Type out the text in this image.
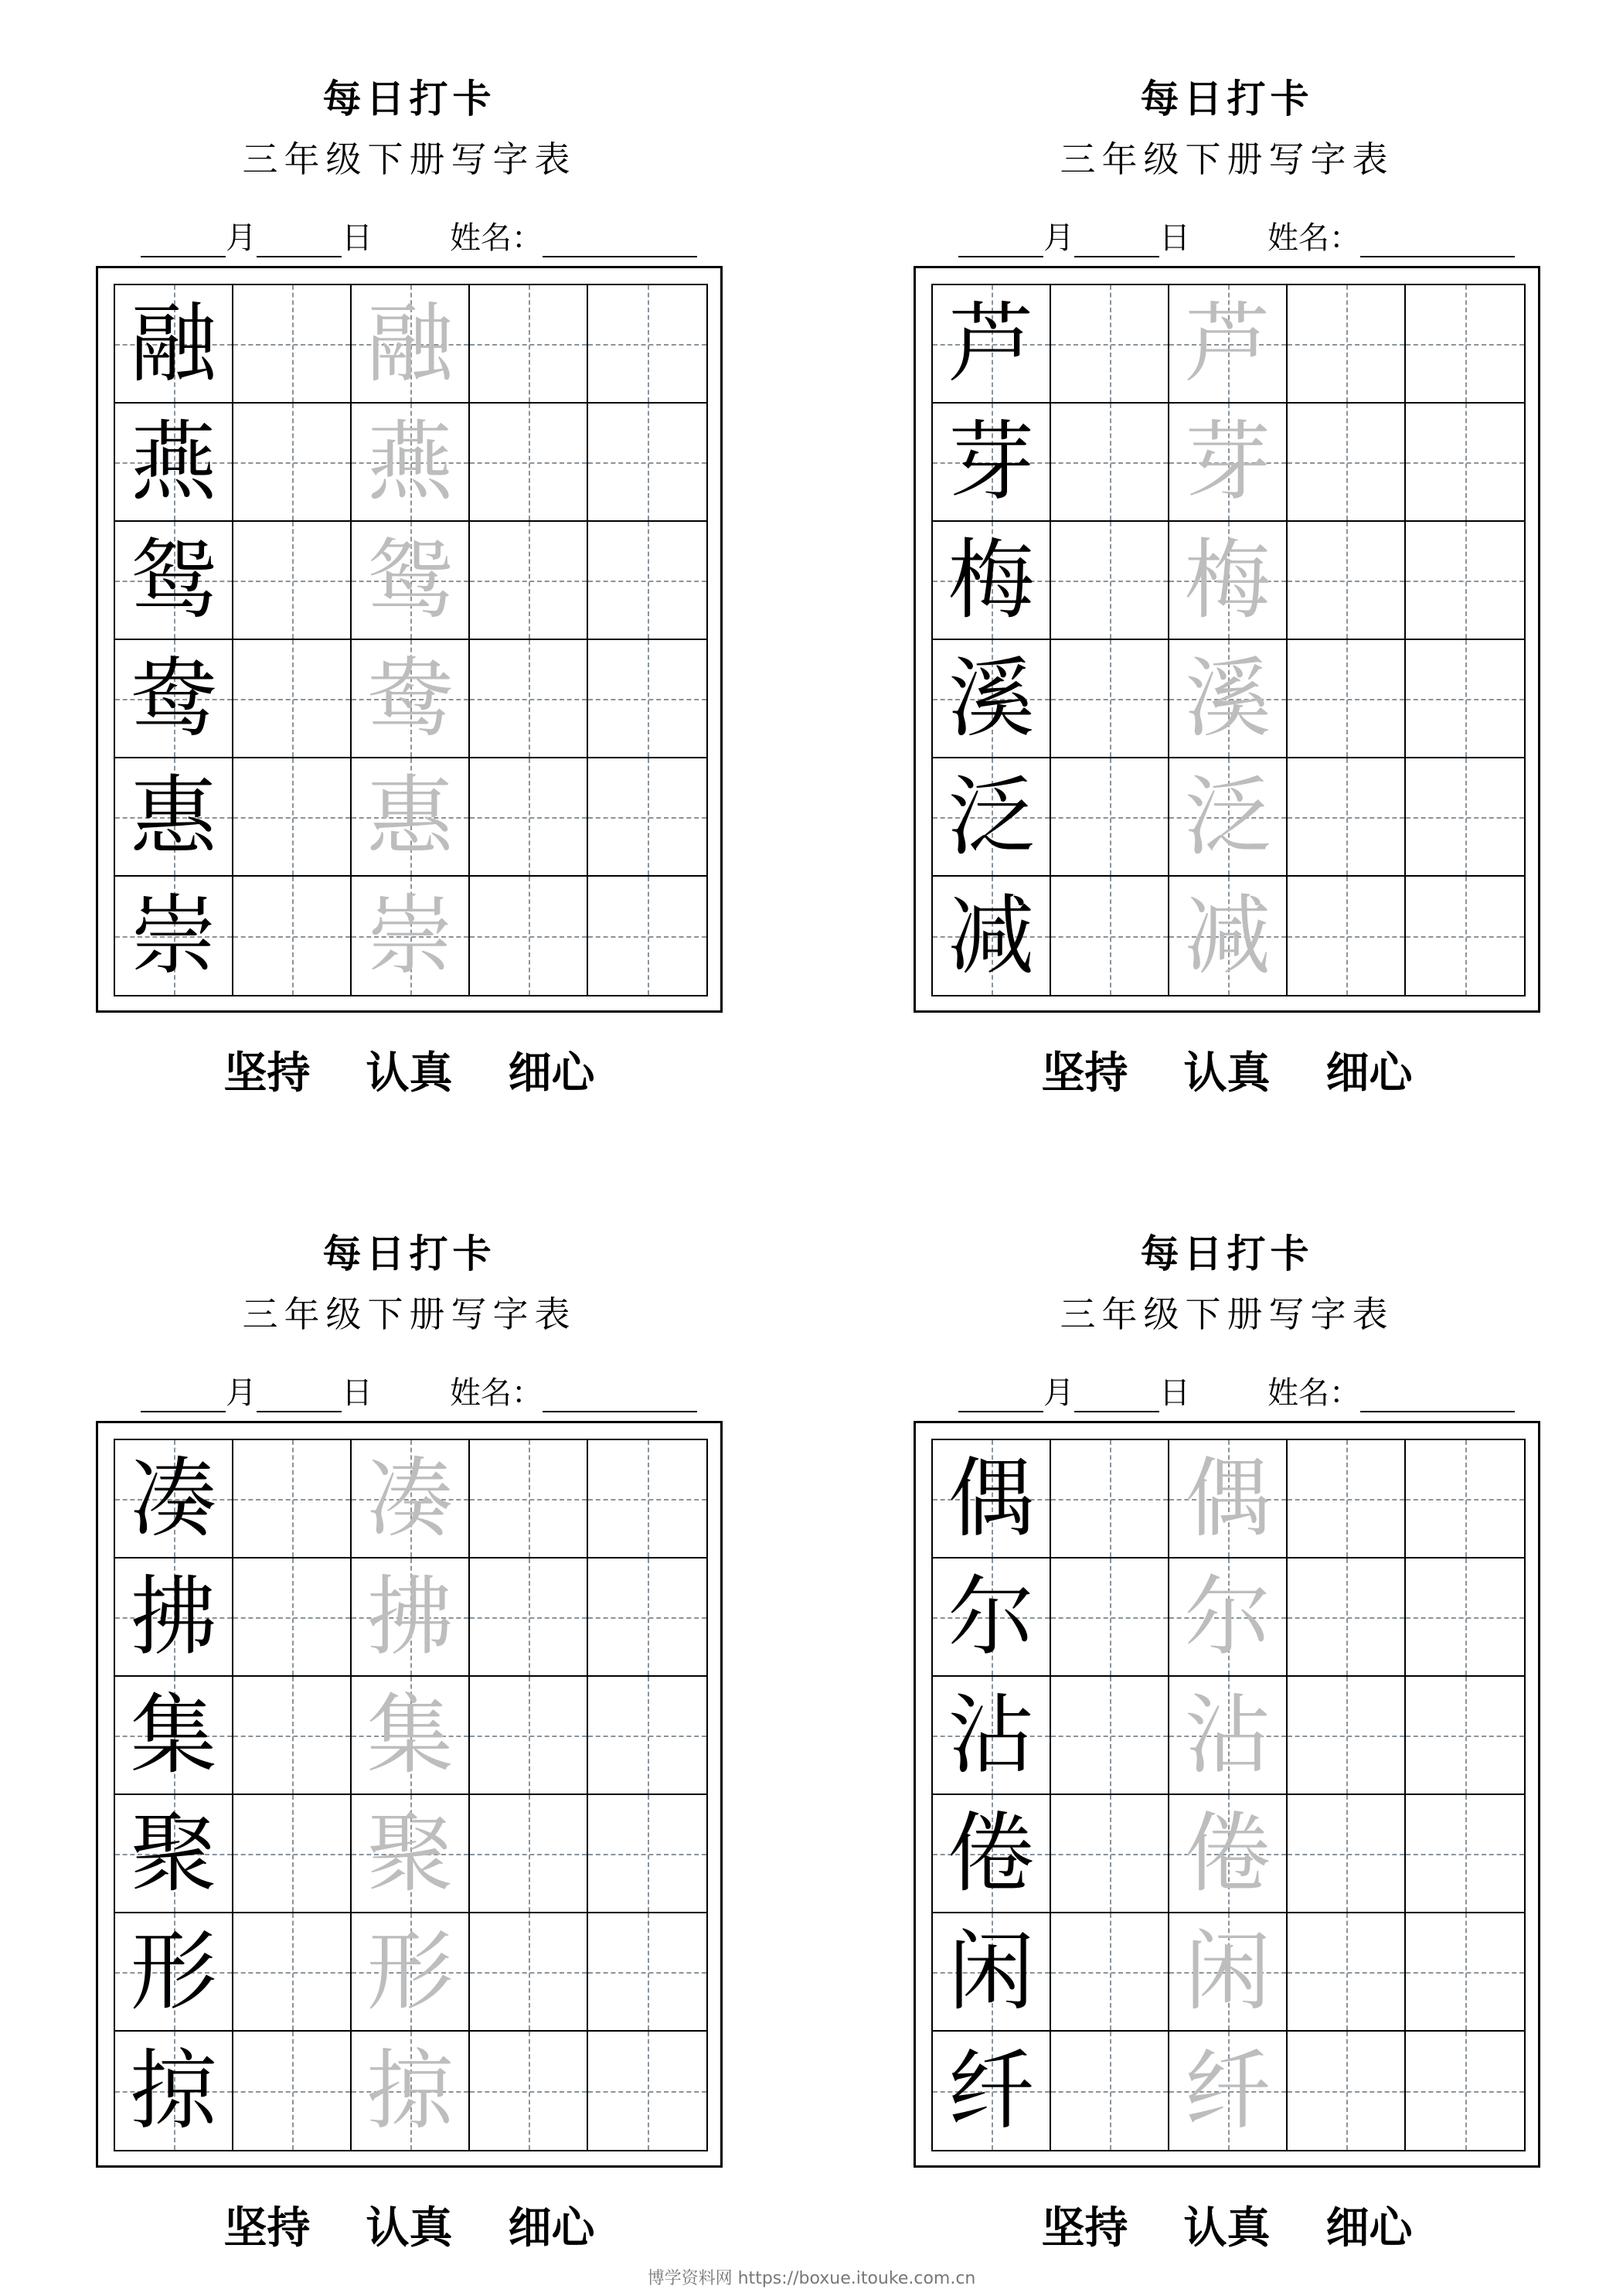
每日打卡
三年级下册写字表
月	日	姓名：
融 融
燕 燕
鸳 鸳
鸯 鸯
惠 惠
崇 崇
坚持 认真 细心
每日打卡
三年级下册写字表
月	日	姓名：
芦 芦
芽 芽
梅 梅
溪 溪
泛 泛
减 减
坚持 认真 细心
每日打卡
三年级下册写字表
月	日	姓名：
凑 凑
拂 拂
集 集
聚 聚
形 形
掠 掠
坚持 认真 细心
每日打卡
三年级下册写字表
月	日	姓名：
偶 偶
尔 尔
沾 沾
倦 倦
闲 闲
纤 纤
坚持 认真 细心
博学资料网 https://boxue.itouke.com.cn
